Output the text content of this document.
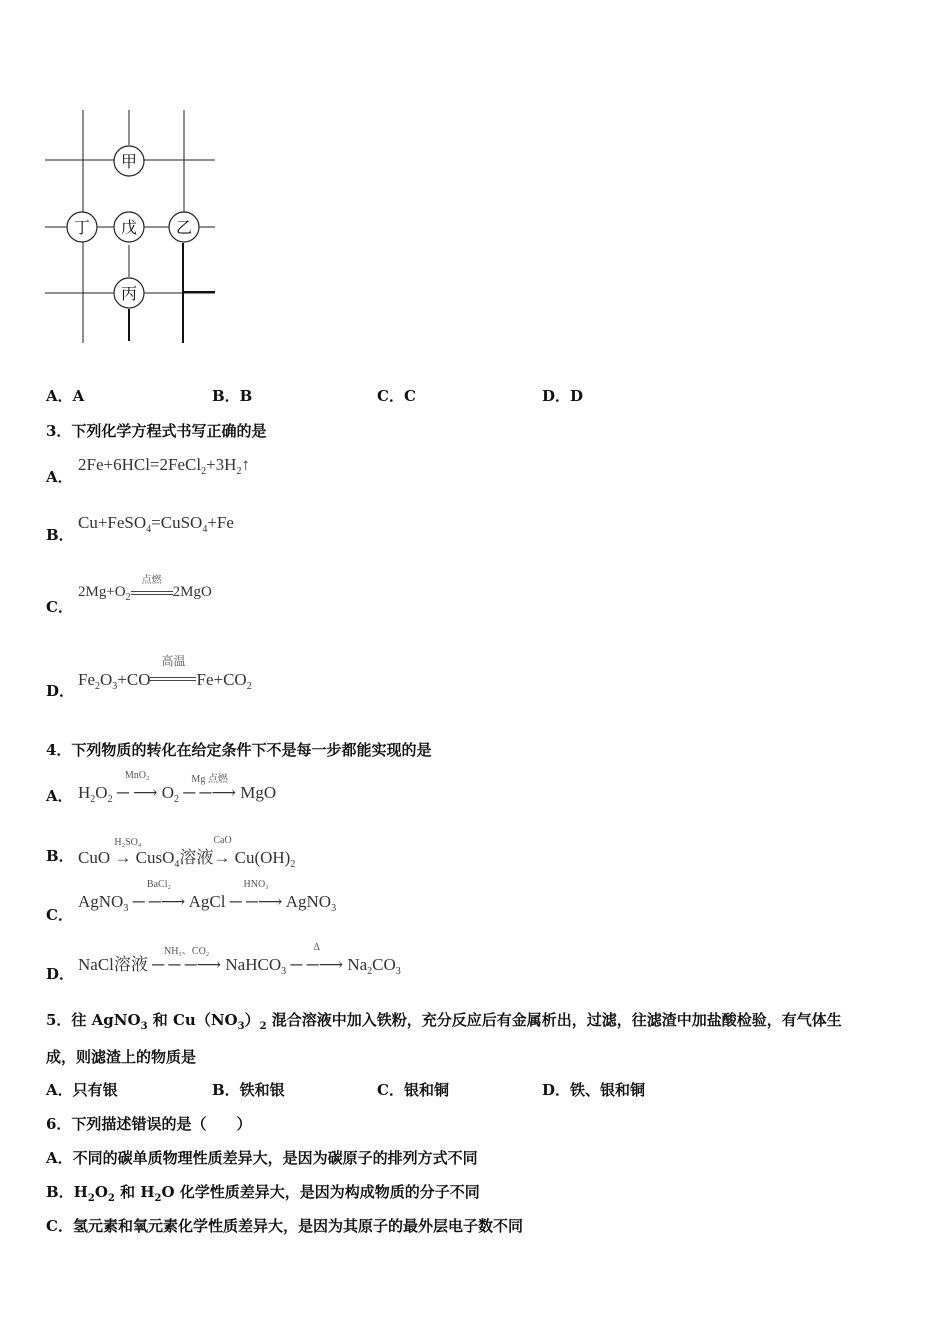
甲
丁 戊 乙
丙
A．A	B．B	C．C	D．D
3．下列化学方程式书写正确的是
A．
$2Fe+6HCl=2FeCl_2+3H_2↑$
B．
Cu+FeSO$_4$=CuSO$_4$+Fe
C．
$2Mg+O_2$
点燃
2MgO
D．
$Fe_2O_3+CO$
高温
$Fe+CO_2$
4．下列物质的转化在给定条件下不是每一步都能实现的是
A． $H_2O_2$
MnO₂
─ ⟶ $O_2$
Mg 点燃
─ ─⟶ MgO
B． CuO
H₂SO₄
→ CusO$_4$溶液
CaO
→ $Cu(OH)_2$
C．
AgNO$_3$
BaCl₂
─ ─⟶ AgCl
HNO₃
─ ─⟶ AgNO$_3$
D． NaCl溶液
NH₃、CO₂
─ ─ ─⟶ NaHCO$_3$
Δ
─ ─⟶ $Na_2CO_3$
5．往 AgNO$_3$ 和 $Cu(NO_3)_2$ 混合溶液中加入铁粉，充分反应后有金属析出，过滤，往滤渣中加盐酸检验，有气体生
成，则滤渣上的物质是
A．只有银	B．铁和银	C．银和铜	D．铁、银和铜
6．下列描述错误的是（　　）
A．不同的碳单质物理性质差异大，是因为碳原子的排列方式不同
B．$H_2O_2$ 和 $H_2O$ 化学性质差异大，是因为构成物质的分子不同
C．氢元素和氧元素化学性质差异大，是因为其原子的最外层电子数不同
